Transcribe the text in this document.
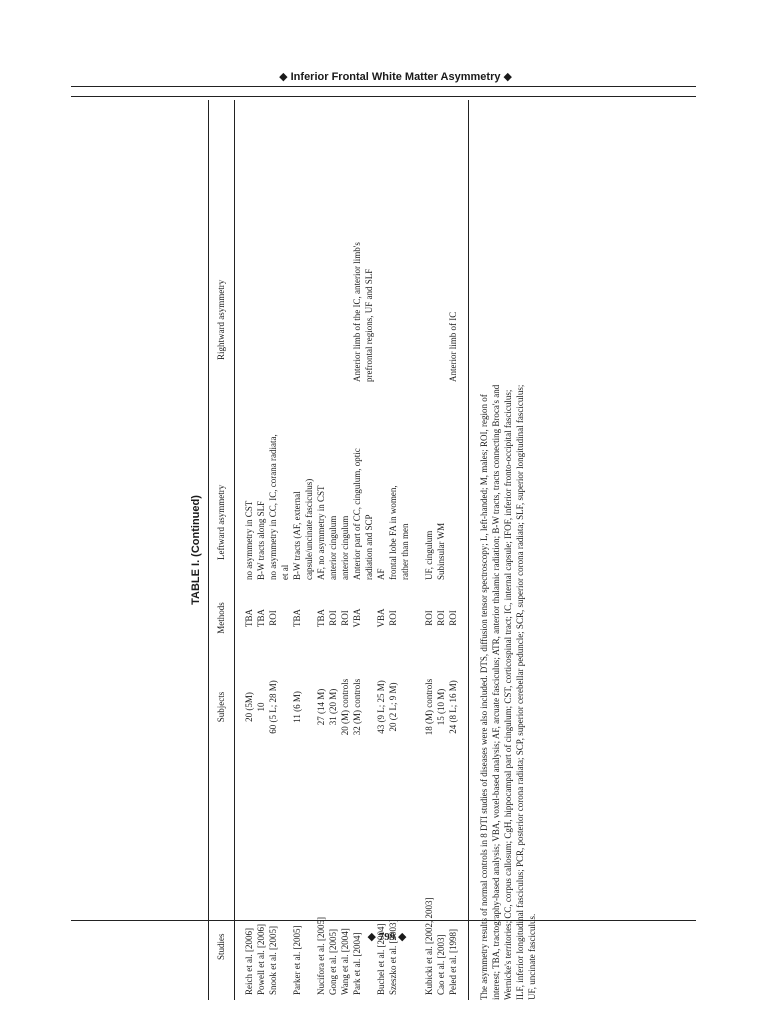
◆ Inferior Frontal White Matter Asymmetry ◆
TABLE I. (Continued)
Studies
Subjects
Methods
Leftward asymmetry
Rightward asymmetry
Reich et al. [2006]
20 (5M)
TBA
no asymmetry in CST
Powell et al. [2006]
10
TBA
B-W tracts along SLF
Snook et al. [2005]
60 (5 L; 28 M)
ROI
no asymmetry in CC, IC, corana radiata, et al
Parker et al. [2005]
11 (6 M)
TBA
B-W tracts (AF, external capsule/uncinate fasciculus)
Nucifora et al. [2005]
27 (14 M)
TBA
AF, no asymmetry in CST
Gong et al. [2005]
31 (20 M)
ROI
anterior cingulum
Wang et al. [2004]
20 (M) controls
ROI
anterior cingulum
Park et al. [2004]
32 (M) controls
VBA
Anterior part of CC, cingulum, optic radiation and SCP
Anterior limb of the IC, anterior limb's prefrontal regions, UF and SLF
Buchel et al. [2004]
43 (9 L; 25 M)
VBA
AF
Szeszko et al. [2003]
20 (2 L; 9 M)
ROI
frontal lobe FA in women, rather than men
Kubicki et al. [2002, 2003]
18 (M) controls
ROI
UF, cingulum
Cao et al. [2003]
15 (10 M)
ROI
Subinsular WM
Peled et al. [1998]
24 (8 L; 16 M)
ROI
Anterior limb of IC
The asymmetry results of normal controls in 8 DTI studies of diseases were also included. DTS, diffusion tensor spectroscopy; L, left-handed; M, males; ROI, region of interest; TBA, tractography-based analysis; VBA, voxel-based analysis; AF, arcuate fasciculus; ATR, anterior thalamic radiation; B-W tracts, tracts connecting Broca's and Wernicke's territories; CC, corpus callosum; CgH, hippocampal part of cingulum; CST, corticospinal tract; IC, internal capsule; IFOF, inferior fronto-occipital fasciculus; ILF, inferior longitudinal fasciculus; PCR, posterior corona radiata; SCP, superior cerebellar peduncle; SCR, superior corona radiata; SLF, superior longitudinal fasciculus; UF, uncinate fasciculus.
◆ 799 ◆
